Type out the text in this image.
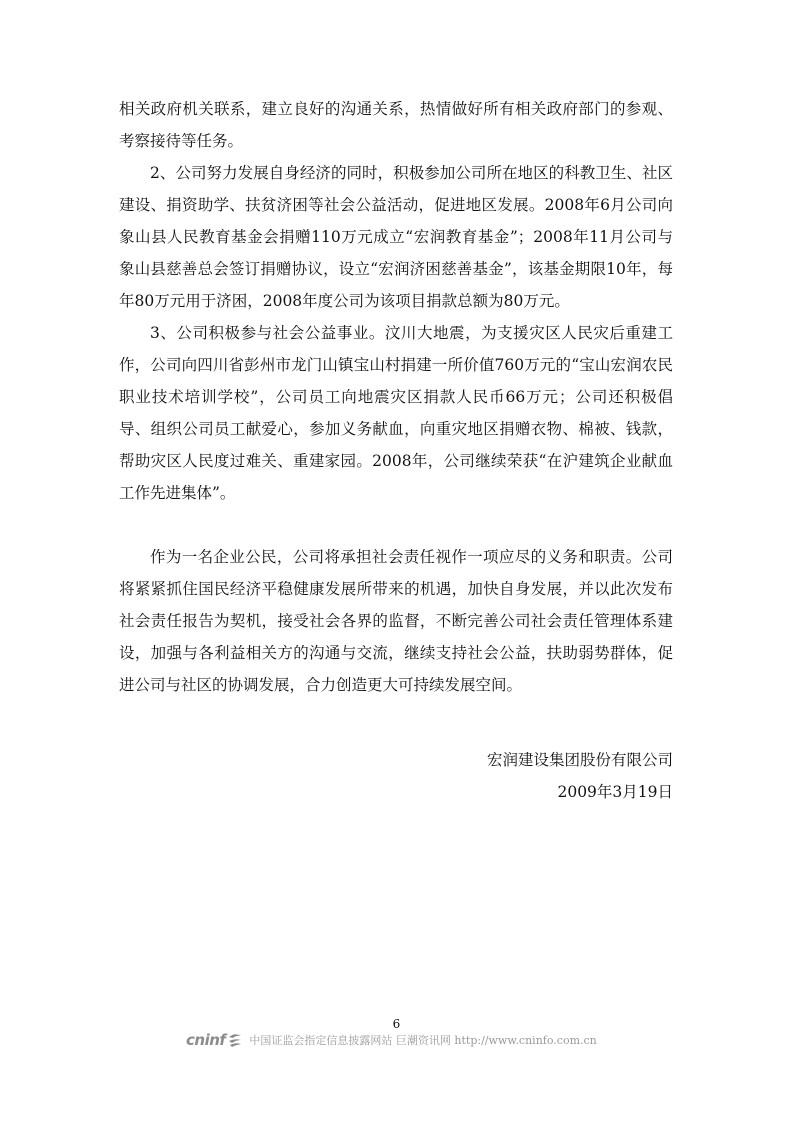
相关政府机关联系，建立良好的沟通关系，热情做好所有相关政府部门的参观、考察接待等任务。

2、公司努力发展自身经济的同时，积极参加公司所在地区的科教卫生、社区建设、捐资助学、扶贫济困等社会公益活动，促进地区发展。2008年6月公司向象山县人民教育基金会捐赠110万元成立“宏润教育基金”；2008年11月公司与象山县慈善总会签订捐赠协议，设立“宏润济困慈善基金”，该基金期限10年，每年80万元用于济困，2008年度公司为该项目捐款总额为80万元。

3、公司积极参与社会公益事业。汶川大地震，为支援灾区人民灾后重建工作，公司向四川省彭州市龙门山镇宝山村捐建一所价值760万元的“宝山宏润农民职业技术培训学校”，公司员工向地震灾区捐款人民币66万元；公司还积极倡导、组织公司员工献爱心，参加义务献血，向重灾地区捐赠衣物、棉被、钱款，帮助灾区人民度过难关、重建家园。2008年，公司继续荣获“在沪建筑企业献血工作先进集体”。

作为一名企业公民，公司将承担社会责任视作一项应尽的义务和职责。公司将紧紧抓住国民经济平稳健康发展所带来的机遇，加快自身发展，并以此次发布社会责任报告为契机，接受社会各界的监督，不断完善公司社会责任管理体系建设，加强与各利益相关方的沟通与交流，继续支持社会公益，扶助弱势群体，促进公司与社区的协调发展，合力创造更大可持续发展空间。

宏润建设集团股份有限公司
2009年3月19日
6
cninf 中国证监会指定信息披露网站 巨潮资讯网 http://www.cninfo.com.cn
